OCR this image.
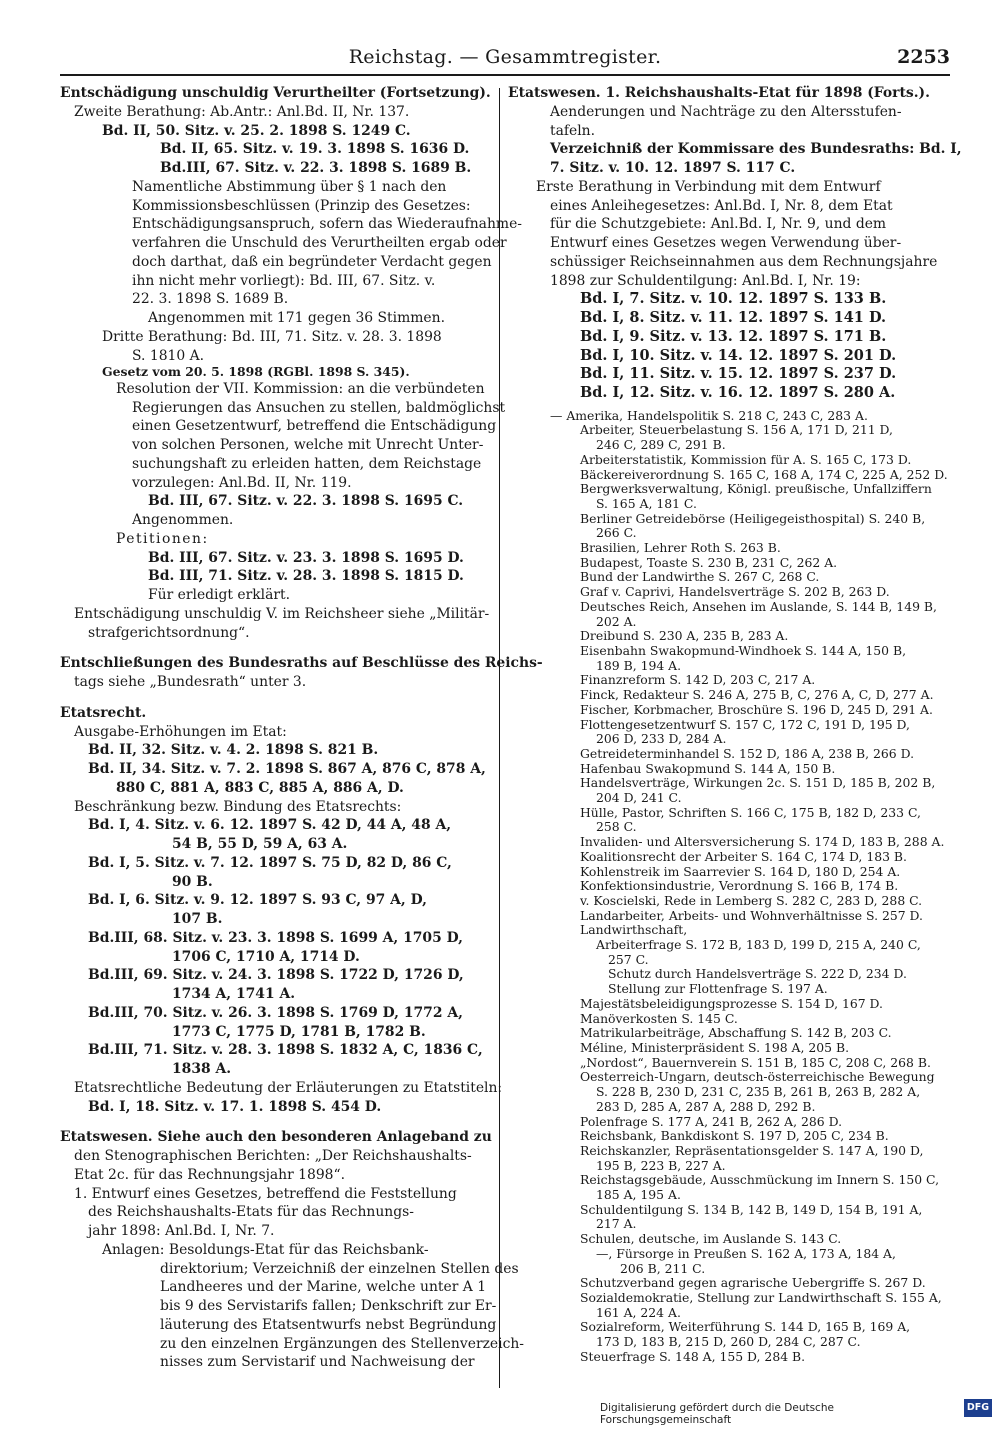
Reichstag. — Gesammtregister.	2253
Entschädigung unschuldig Verurtheilter (Fortsetzung).
Zweite Berathung: Ab.Antr.: Anl.Bd. II, Nr. 137.
Bd. II, 50. Sitz. v. 25. 2. 1898 S. 1249 C.
Bd. II, 65. Sitz. v. 19. 3. 1898 S. 1636 D.
Bd.III, 67. Sitz. v. 22. 3. 1898 S. 1689 B.
Namentliche Abstimmung über § 1 nach den
Kommissionsbeschlüssen (Prinzip des Gesetzes:
Entschädigungsanspruch, sofern das Wiederaufnahme-
verfahren die Unschuld des Verurtheilten ergab oder
doch darthat, daß ein begründeter Verdacht gegen
ihn nicht mehr vorliegt): Bd. III, 67. Sitz. v.
22. 3. 1898 S. 1689 B.
Angenommen mit 171 gegen 36 Stimmen.
Dritte Berathung: Bd. III, 71. Sitz. v. 28. 3. 1898
S. 1810 A.
Gesetz vom 20. 5. 1898 (RGBl. 1898 S. 345).
Resolution der VII. Kommission: an die verbündeten
Regierungen das Ansuchen zu stellen, baldmöglichst
einen Gesetzentwurf, betreffend die Entschädigung
von solchen Personen, welche mit Unrecht Unter-
suchungshaft zu erleiden hatten, dem Reichstage
vorzulegen: Anl.Bd. II, Nr. 119.
Bd. III, 67. Sitz. v. 22. 3. 1898 S. 1695 C.
Angenommen.
Petitionen:
Bd. III, 67. Sitz. v. 23. 3. 1898 S. 1695 D.
Bd. III, 71. Sitz. v. 28. 3. 1898 S. 1815 D.
Für erledigt erklärt.
Entschädigung unschuldig V. im Reichsheer siehe „Militär-
strafgerichtsordnung“.
Entschließungen des Bundesraths auf Beschlüsse des Reichs-
tags siehe „Bundesrath“ unter 3.
Etatsrecht.
Ausgabe-Erhöhungen im Etat:
Bd. II, 32. Sitz. v. 4. 2. 1898 S. 821 B.
Bd. II, 34. Sitz. v. 7. 2. 1898 S. 867 A, 876 C, 878 A,
880 C, 881 A, 883 C, 885 A, 886 A, D.
Beschränkung bezw. Bindung des Etatsrechts:
Bd. I, 4. Sitz. v. 6. 12. 1897 S. 42 D, 44 A, 48 A,
54 B, 55 D, 59 A, 63 A.
Bd. I, 5. Sitz. v. 7. 12. 1897 S. 75 D, 82 D, 86 C,
90 B.
Bd. I, 6. Sitz. v. 9. 12. 1897 S. 93 C, 97 A, D,
107 B.
Bd.III, 68. Sitz. v. 23. 3. 1898 S. 1699 A, 1705 D,
1706 C, 1710 A, 1714 D.
Bd.III, 69. Sitz. v. 24. 3. 1898 S. 1722 D, 1726 D,
1734 A, 1741 A.
Bd.III, 70. Sitz. v. 26. 3. 1898 S. 1769 D, 1772 A,
1773 C, 1775 D, 1781 B, 1782 B.
Bd.III, 71. Sitz. v. 28. 3. 1898 S. 1832 A, C, 1836 C,
1838 A.
Etatsrechtliche Bedeutung der Erläuterungen zu Etatstiteln:
Bd. I, 18. Sitz. v. 17. 1. 1898 S. 454 D.
Etatswesen. Siehe auch den besonderen Anlageband zu
den Stenographischen Berichten: „Der Reichshaushalts-
Etat 2c. für das Rechnungsjahr 1898“.
1. Entwurf eines Gesetzes, betreffend die Feststellung
des Reichshaushalts-Etats für das Rechnungs-
jahr 1898: Anl.Bd. I, Nr. 7.
Anlagen: Besoldungs-Etat für das Reichsbank-
direktorium; Verzeichniß der einzelnen Stellen des
Landheeres und der Marine, welche unter A 1
bis 9 des Servistarifs fallen; Denkschrift zur Er-
läuterung des Etatsentwurfs nebst Begründung
zu den einzelnen Ergänzungen des Stellenverzeich-
nisses zum Servistarif und Nachweisung der
Etatswesen. 1. Reichshaushalts-Etat für 1898 (Forts.).
Aenderungen und Nachträge zu den Altersstufen-
tafeln.
Verzeichniß der Kommissare des Bundesraths: Bd. I,
7. Sitz. v. 10. 12. 1897 S. 117 C.
Erste Berathung in Verbindung mit dem Entwurf
eines Anleihegesetzes: Anl.Bd. I, Nr. 8, dem Etat
für die Schutzgebiete: Anl.Bd. I, Nr. 9, und dem
Entwurf eines Gesetzes wegen Verwendung über-
schüssiger Reichseinnahmen aus dem Rechnungsjahre
1898 zur Schuldentilgung: Anl.Bd. I, Nr. 19:
Bd. I, 7. Sitz. v. 10. 12. 1897 S. 133 B.
Bd. I, 8. Sitz. v. 11. 12. 1897 S. 141 D.
Bd. I, 9. Sitz. v. 13. 12. 1897 S. 171 B.
Bd. I, 10. Sitz. v. 14. 12. 1897 S. 201 D.
Bd. I, 11. Sitz. v. 15. 12. 1897 S. 237 D.
Bd. I, 12. Sitz. v. 16. 12. 1897 S. 280 A.
— Amerika, Handelspolitik S. 218 C, 243 C, 283 A.
Arbeiter, Steuerbelastung S. 156 A, 171 D, 211 D,
246 C, 289 C, 291 B.
Arbeiterstatistik, Kommission für A. S. 165 C, 173 D.
Bäckereiverordnung S. 165 C, 168 A, 174 C, 225 A, 252 D.
Bergwerksverwaltung, Königl. preußische, Unfallziffern
S. 165 A, 181 C.
Berliner Getreidebörse (Heiligegeisthospital) S. 240 B,
266 C.
Brasilien, Lehrer Roth S. 263 B.
Budapest, Toaste S. 230 B, 231 C, 262 A.
Bund der Landwirthe S. 267 C, 268 C.
Graf v. Caprivi, Handelsverträge S. 202 B, 263 D.
Deutsches Reich, Ansehen im Auslande, S. 144 B, 149 B,
202 A.
Dreibund S. 230 A, 235 B, 283 A.
Eisenbahn Swakopmund-Windhoek S. 144 A, 150 B,
189 B, 194 A.
Finanzreform S. 142 D, 203 C, 217 A.
Finck, Redakteur S. 246 A, 275 B, C, 276 A, C, D, 277 A.
Fischer, Korbmacher, Broschüre S. 196 D, 245 D, 291 A.
Flottengesetzentwurf S. 157 C, 172 C, 191 D, 195 D,
206 D, 233 D, 284 A.
Getreideterminhandel S. 152 D, 186 A, 238 B, 266 D.
Hafenbau Swakopmund S. 144 A, 150 B.
Handelsverträge, Wirkungen 2c. S. 151 D, 185 B, 202 B,
204 D, 241 C.
Hülle, Pastor, Schriften S. 166 C, 175 B, 182 D, 233 C,
258 C.
Invaliden- und Altersversicherung S. 174 D, 183 B, 288 A.
Koalitionsrecht der Arbeiter S. 164 C, 174 D, 183 B.
Kohlenstreik im Saarrevier S. 164 D, 180 D, 254 A.
Konfektionsindustrie, Verordnung S. 166 B, 174 B.
v. Koscielski, Rede in Lemberg S. 282 C, 283 D, 288 C.
Landarbeiter, Arbeits- und Wohnverhältnisse S. 257 D.
Landwirthschaft,
Arbeiterfrage S. 172 B, 183 D, 199 D, 215 A, 240 C,
257 C.
Schutz durch Handelsverträge S. 222 D, 234 D.
Stellung zur Flottenfrage S. 197 A.
Majestätsbeleidigungsprozesse S. 154 D, 167 D.
Manöverkosten S. 145 C.
Matrikularbeiträge, Abschaffung S. 142 B, 203 C.
Méline, Ministerpräsident S. 198 A, 205 B.
„Nordost“, Bauernverein S. 151 B, 185 C, 208 C, 268 B.
Oesterreich-Ungarn, deutsch-österreichische Bewegung
S. 228 B, 230 D, 231 C, 235 B, 261 B, 263 B, 282 A,
283 D, 285 A, 287 A, 288 D, 292 B.
Polenfrage S. 177 A, 241 B, 262 A, 286 D.
Reichsbank, Bankdiskont S. 197 D, 205 C, 234 B.
Reichskanzler, Repräsentationsgelder S. 147 A, 190 D,
195 B, 223 B, 227 A.
Reichstagsgebäude, Ausschmückung im Innern S. 150 C,
185 A, 195 A.
Schuldentilgung S. 134 B, 142 B, 149 D, 154 B, 191 A,
217 A.
Schulen, deutsche, im Auslande S. 143 C.
—, Fürsorge in Preußen S. 162 A, 173 A, 184 A,
206 B, 211 C.
Schutzverband gegen agrarische Uebergriffe S. 267 D.
Sozialdemokratie, Stellung zur Landwirthschaft S. 155 A,
161 A, 224 A.
Sozialreform, Weiterführung S. 144 D, 165 B, 169 A,
173 D, 183 B, 215 D, 260 D, 284 C, 287 C.
Steuerfrage S. 148 A, 155 D, 284 B.
Digitalisierung gefördert durch die Deutsche Forschungsgemeinschaft
DFG
